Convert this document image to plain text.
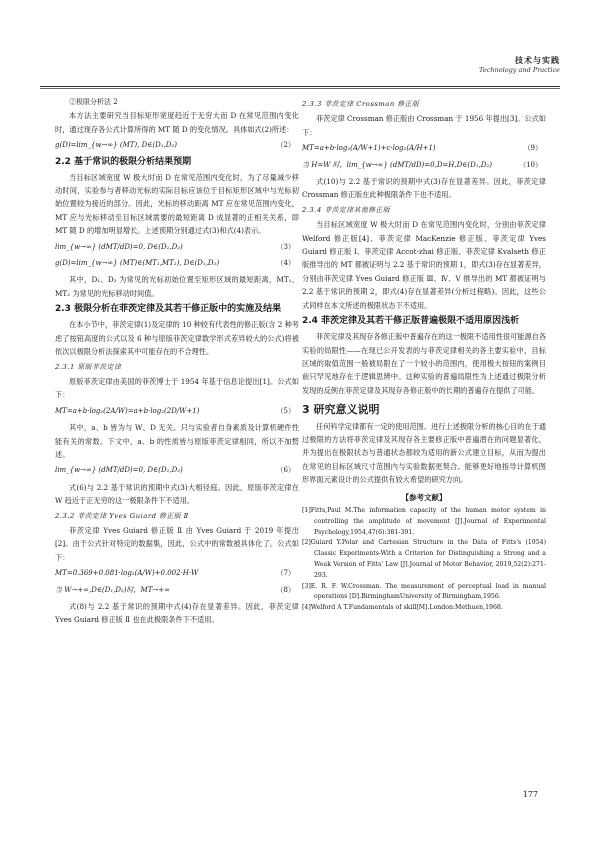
技术与实践
Technology and Practice

②极限分析法 2

本方法主要研究当目标矩形宽度趋近于无穷大而 D 在常见范围内变化时，通过现存各公式计算所得的 MT 随 D 的变化情况。具体如式(2)所述：

g(D)=lim_{w→∞} (MT), D∈(D₁,D₂)	（2）
2.2 基于常识的极限分析结果预期

当目标区域宽度 W 极大时而 D 在常见范围内变化时，为了尽量减少移动时间，实验参与者移动光标的实际目标应该位于目标矩形区域中与光标初始位置较为接近的部分。因此，光标的移动距离 MT 应在常见范围内变化，MT 应与光标移动至目标区域需要的最短距离 D 成显著的正相关关系，即 MT 随 D 的增加明显增长。上述预期分别通过式(3)和式(4)表示。

lim_{w→∞} (dMT/dD)=0, D∈(D₁,D₂)	（3）
g(D)=lim_{w→∞} (MT)∈(MT₁,MT₂), D∈(D₁,D₂)	（4）

其中，D₁、D₂ 为常见的光标初始位置至矩形区域的最短距离，MT₁、MT₂ 为常见的光标移动时间值。

2.3 极限分析在菲茨定律及其若干修正版中的实施及结果

在本小节中，菲茨定律(1)及定律的 10 种较有代表性的修正版(含 2 种考虑了按钮高度的公式以及 6 种与原版菲茨定律数学形式差异较大的公式)将被依次以极限分析法探索其中可能存在的不合理性。

2.3.1 原版菲茨定律

原版菲茨定律由美国的菲茨博士于 1954 年基于信息论提出[1]。公式如下：

MT=a+b·log₂(2A/W)=a+b·log₂(2D/W+1)	（5）

其中，a、b 皆为与 W、D 无关、只与实验者自身素质及计算机硬件性能有关的常数。下文中，a、b 的性质皆与原版菲茨定律相同，所以不加赘述。

lim_{w→∞} (dMT/dD)=0, D∈(D₁,D₂)	（6）

式(6)与 2.2 基于常识的预期中式(3)大相径庭。因此，原版菲茨定律在 W 趋近于正无穷的这一极限条件下不适用。

2.3.2 菲茨定律 Yves Guiard 修正版 Ⅱ

菲茨定律 Yves Guiard 修正版 Ⅱ 由 Yves Guiard 于 2019 年提出[2]。由于公式针对特定的数据集，因此，公式中的常数被具体化了。公式如下：

MT=0.369+0.081·log₂(A/W)+0.002·H·W	（7）
当 W→+∞,D∈(D₁,D₂)时，MT→+∞	（8）

式(8)与 2.2 基于常识的预期中式(4)存在显著差异。因此，菲茨定律 Yves Guiard 修正版 Ⅱ 也在此极限条件下不适用。

2.3.3 菲茨定律 Crossman 修正版

菲茨定律 Crossman 修正版由 Crossman 于 1956 年提出[3]。公式如下：

MT=a+b·log₂(A/W+1)+c·log₂(A/H+1)	（9）
当 H=W 时，lim_{w→∞} (dMT/dD)=0,D=H,D∈(D₁,D₂)	（10）

式(10)与 2.2 基于常识的预期中式(3)存在显著差异。因此，菲茨定律 Crossman 修正版在此种极限条件下也不适用。

2.3.4 菲茨定律其他修正版

当目标区域宽度 W 极大时而 D 在常见范围内变化时，分别由菲茨定律 Welford 修正版[4]、菲茨定律 MacKenzie 修正版、菲茨定律 Yves Guiard 修正版 Ⅰ、菲茨定律 Accot-zhai 修正版、菲茨定律 Kvalseth 修正版推导出的 MT 都被证明与 2.2 基于常识的预期 1，即式(3)存在显著差异，分别由菲茨定律 Yves Guiard 修正版 Ⅲ、Ⅳ、Ⅴ 推导出的 MT 都被证明与 2.2 基于常识的预期 2，即式(4)存在显著差异(分析过程略)。因此，这些公式同样在本文所述的极限状态下不适用。

2.4 菲茨定律及其若干修正版普遍极限不适用原因浅析

菲茨定律及其现存各修正版中普遍存在的这一极限不适用性很可能源自各实验的局限性——在现已公开发表的与菲茨定律相关的各主要实验中，目标区域的取值范围一般被局限在了一个较小的范围内，使用极大按钮的案例目前只罕见地存在于逻辑思辨中。这种实验的普遍局限性为上述通过极限分析发现的反例在菲茨定律及其现存各修正版中的长期的普遍存在提供了可能。

3 研究意义说明

任何科学定律都有一定的使用范围。进行上述极限分析的核心目的在于通过极限的方法将菲茨定律及其现存各主要修正版中普遍潜在的问题显著化，并为提出在极限状态与普通状态都较为适用的新公式建立目标，从而为提出在常见的目标区域尺寸范围内与实验数据更契合、能够更好地指导计算机图形界面元素设计的公式提供有较大希望的研究方向。

【参考文献】

[1]Fitts,Paul M.The information capacity of the human motor system in controlling the amplitude of movement [J].Journal of Experimental Psychology,1954,47(6):381-391.

[2]Guiard Y.Polar and Cartesian Structure in the Data of Fitts's (1954) Classic Experiments-With a Criterion for Distinguishing a Strong and a Weak Version of Fitts' Law [J].Journal of Motor Behavior, 2019,52(2):271-293.

[3]E. R. F. W.Crossman. The measurement of perceptual load in manual operations [D].BirminghamUniversity of Birmingham,1956.

[4]Welford A T.Fundamentals of skill[M].London:Methuen,1968.

177
